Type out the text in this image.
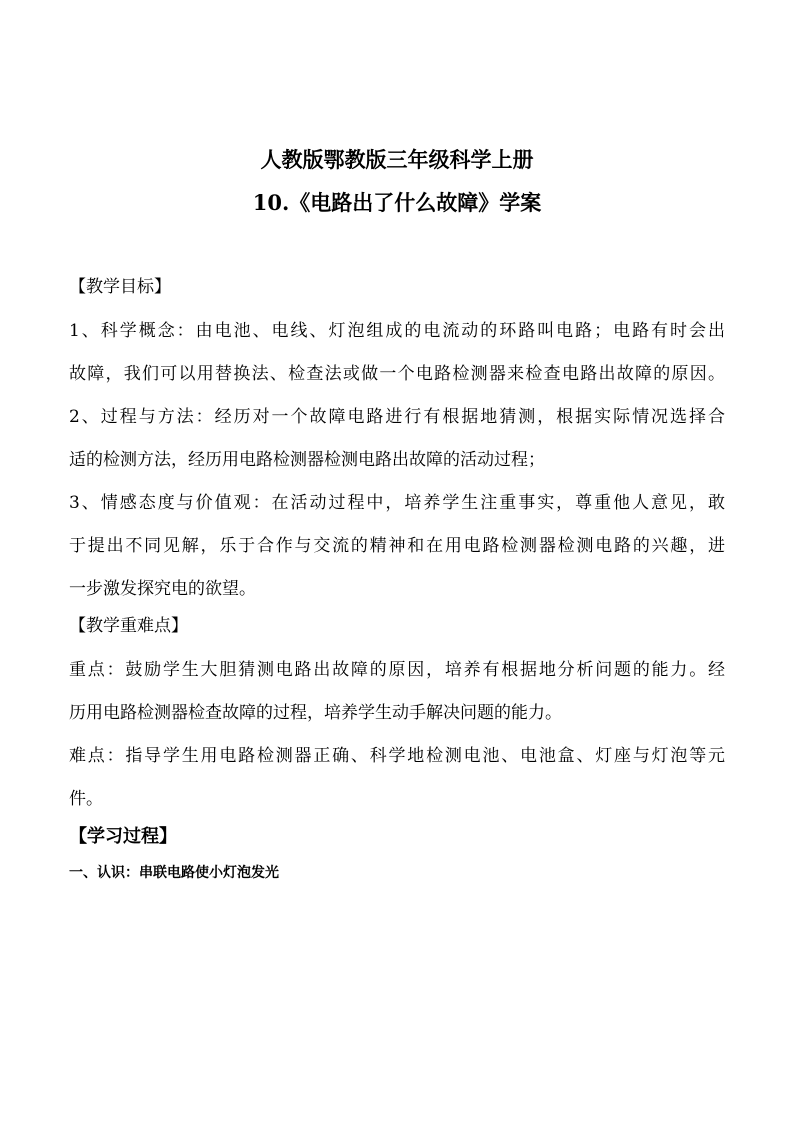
人教版鄂教版三年级科学上册
10.《电路出了什么故障》学案
【教学目标】
1、科学概念：由电池、电线、灯泡组成的电流动的环路叫电路；电路有时会出
故障，我们可以用替换法、检查法或做一个电路检测器来检查电路出故障的原因。
2、过程与方法：经历对一个故障电路进行有根据地猜测，根据实际情况选择合
适的检测方法，经历用电路检测器检测电路出故障的活动过程；
3、情感态度与价值观：在活动过程中，培养学生注重事实，尊重他人意见，敢
于提出不同见解，乐于合作与交流的精神和在用电路检测器检测电路的兴趣，进
一步激发探究电的欲望。
【教学重难点】
重点：鼓励学生大胆猜测电路出故障的原因，培养有根据地分析问题的能力。经
历用电路检测器检查故障的过程，培养学生动手解决问题的能力。
难点：指导学生用电路检测器正确、科学地检测电池、电池盒、灯座与灯泡等元
件。
【学习过程】
一、认识：串联电路使小灯泡发光
